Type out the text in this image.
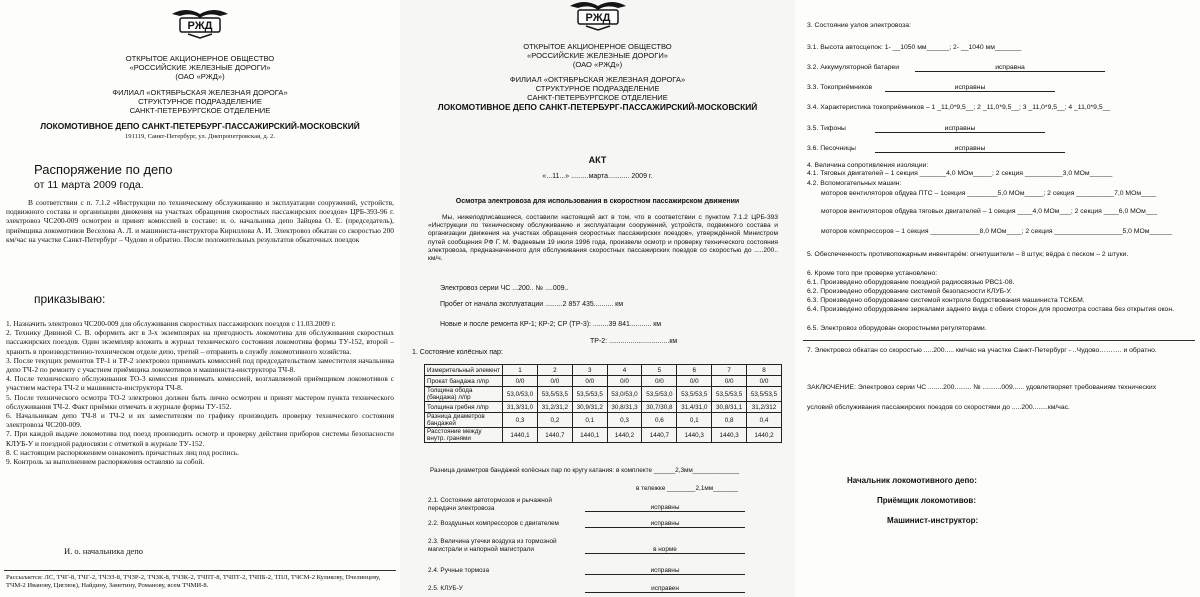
РЖД
ОТКРЫТОЕ АКЦИОНЕРНОЕ ОБЩЕСТВО
«РОССИЙСКИЕ ЖЕЛЕЗНЫЕ ДОРОГИ»
(ОАО «РЖД»)
ФИЛИАЛ «ОКТЯБРЬСКАЯ ЖЕЛЕЗНАЯ ДОРОГА»
СТРУКТУРНОЕ ПОДРАЗДЕЛЕНИЕ
САНКТ-ПЕТЕРБУРГСКОЕ ОТДЕЛЕНИЕ
ЛОКОМОТИВНОЕ ДЕПО САНКТ-ПЕТЕРБУРГ-ПАССАЖИРСКИЙ-МОСКОВСКИЙ
191119, Санкт-Петербург, ул. Днепропетровская, д. 2.
Распоряжение по депо
от 11 марта 2009 года.
В соответствии с п. 7.1.2 «Инструкции по техническому обслуживанию и эксплуатации сооружений, устройств, подвижного состава и организации движения на участках обращения скоростных пассажирских поездов» ЦРБ-393-96 г. электровоз ЧС200-009 осмотрен и принят комиссией в составе: и. о. начальника депо Зайцева О. Е. (председатель), приёмщика локомотивов Веселова А. Л. и машиниста-инструктора Кириллова А. И. Электровоз обкатан со скоростью 200 км/час на участке Санкт-Петербург – Чудово и обратно. После положительных результатов обкаточных поездок
приказываю:
1. Назначить электровоз ЧС200-009 для обслуживания скоростных пассажирских поездов с 11.03.2009 г.
2. Технику Дивиной С. В. оформить акт в 3-х экземплярах на пригодность локомотива для обслуживания скоростных пассажирских поездов. Один экземпляр вложить в журнал технического состояния локомотива формы ТУ-152, второй – хранить в производственно-техническом отделе депо, третий – отправить в службу локомотивного хозяйства.
3. После текущих ремонтов ТР-1 и ТР-2 электровоз принимать комиссией под председательством заместителя начальника депо ТЧ-2 по ремонту с участием приёмщика локомотивов и машиниста-инструктора ТЧ-8.
4. После технического обслуживания ТО-3 комиссия принимать комиссией, возглавляемой приёмщиком локомотивов с участием мастера ТЧ-2 и машиниста-инструктора ТЧ-8.
5. После технического осмотра ТО-2 электровоз должен быть лично осмотрен и принят мастером пункта технического обслуживания ТЧ-2. Факт приёмки отмечать в журнале формы ТУ-152.
6. Начальникам депо ТЧ-8 и ТЧ-2 и их заместителям по графику производить проверку технического состояния электровоза ЧС200-009.
7. При каждой выдаче локомотива под поезд производить осмотр и проверку действия приборов системы безопасности КЛУБ-У и поездной радиосвязи с отметкой в журнале ТУ-152.
8. С настоящим распоряжением ознакомить причастных лиц под роспись.
9. Контроль за выполнением распоряжения оставляю за собой.
И. о. начальника депо
Рассылается: ЛС, ТЧГ-8, ТЧГ-2, ТЧЭЗ-8, ТЧЗР-2, ТЧЗК-8, ТЧЗК-2, ТЧПТ-8, ТЧПТ-2, ТЧПБ-2, ТПЛ, ТЧСМ-2 Куликову, Пчелинцеву, ТЧМ-2 Иванову, Циглюк), Найдину, Заметину, Романову, всем ТЧМИ-8.
РЖД
ОТКРЫТОЕ АКЦИОНЕРНОЕ ОБЩЕСТВО
«РОССИЙСКИЕ ЖЕЛЕЗНЫЕ ДОРОГИ»
(ОАО «РЖД»)
ФИЛИАЛ «ОКТЯБРЬСКАЯ ЖЕЛЕЗНАЯ ДОРОГА»
СТРУКТУРНОЕ ПОДРАЗДЕЛЕНИЕ
САНКТ-ПЕТЕРБУРГСКОЕ ОТДЕЛЕНИЕ
ЛОКОМОТИВНОЕ ДЕПО САНКТ-ПЕТЕРБУРГ-ПАССАЖИРСКИЙ-МОСКОВСКИЙ
АКТ
«...11...» .........марта........... 2009 г.
Осмотра электровоза для использования в скоростном пассажирском движении
Мы, нижеподписавшиеся, составили настоящий акт в том, что в соответствии с пунктом 7.1.2 ЦРБ-393 «Инструкции по техническому обслуживанию и эксплуатации сооружений, устройств, подвижного состава и организации движения на участках обращения скоростных пассажирских поездов», утверждённой Министром путей сообщения РФ Г. М. Фадеевым 19 июля 1996 года, произвели осмотр и проверку технического состояния электровоза, предназначенного для обслуживания скоростных пассажирских поездов со скоростью до .....200.. км/ч.
Электровоз серии ЧС ...200.. № ....009..
Пробег от начала эксплуатации .........2 857 435.......... км
Новые и после ремонта КР-1; КР-2; СР (ТР-3): ........39 841........... км
ТР-2: ...............................км
1. Состояние колёсных пар:
Измерительный элемент	1	2	3	4	5	6	7	8
Прокат бандажа л/пр	0/0	0/0	0/0	0/0	0/0	0/0	0/0	0/0
Толщина обода (бандажа) л/пр	53,0/53,0	53,5/53,5	53,5/53,5	53,0/53,0	53,5/53,0	53,5/53,5	53,5/53,5	53,5/53,5
Толщина гребня л/пр	31,3/31,0	31,2/31,2	30,9/31,2	30,8/31,3	30,7/30,8	31,4/31,0	30,8/31,1	31,2/312
Разница диаметров бандажей	0,3	0,2	0,1	0,3	0,6	0,1	0,8	0,4
Расстояние между внутр. гранями	1440,1	1440,7	1440,1	1440,2	1440,7	1440,3	1440,3	1440,2
Разница диаметров бандажей колёсных пар по кругу катания: в комплекте ______2,3мм_____________
в тележке ________2,1мм_______
2.1. Состояние автотормозов и рычажной передачи электровоза	исправны
2.2. Воздушных компрессоров с двигателем	исправны
2.3. Величина утечки воздуха из тормозной магистрали и напорной магистрали	в норме
2.4. Ручные тормоза	исправны
2.5. КЛУБ-У	исправен
3. Состояние узлов электровоза:
3.1. Высота автосцепок: 1- __1050 мм______; 2- __1040 мм_______
3.2. Аккумуляторной батареи	исправна
3.3. Токоприёмников	исправны
3.4. Характеристика токоприёмников – 1 _11,0*9,5__; 2 _11,0*9,5__; 3 _11,0*9,5__; 4 _11,0*9,5__
3.5. Тифоны	исправны
3.6. Песочницы	исправны
4. Величина сопротивления изоляции:
4.1. Тяговых двигателей – 1 секция _______4,0 МОм_____; 2 секция __________3,0 МОм______
4.2. Вспомогательных машин:
моторов вентиляторов обдува ПТС – 1секция ________5,0 МОм_____; 2 секция __________7,0 МОм____
моторов вентиляторов обдува тяговых двигателей – 1 секция ____4,0 МОм___; 2 секция ____6,0 МОм___
моторов компрессоров – 1 секция _____________8,0 МОм____; 2 секция __________________5,0 МОм______
5. Обеспеченность противопожарным инвентарём: огнетушители – 8 штук; вёдра с песком – 2 штуки.
6. Кроме того при проверке установлено:
6.1. Произведено оборудование поездной радиосвязью РВС1-08.
6.2. Произведено оборудование системой безопасности КЛУБ-У.
6.3. Произведено оборудование системой контроля бодрствования машиниста ТСКБМ.
6.4. Произведено оборудование зеркалами заднего вида с обеих сторон для просмотра состава без открытия окон.
6.5. Электровоз оборудован скоростными регуляторами.
7. Электровоз обкатан со скоростью .....200..... км/час на участке Санкт-Петербург - ..Чудово………. и обратно.
ЗАКЛЮЧЕНИЕ: Электровоз серии ЧС ........200......... № ..........009...... удовлетворяет требованиям технических условий обслуживания пассажирских поездов со скоростями до .....200........км/час.
Начальник локомотивного депо:
Приёмщик локомотивов:
Машинист-инструктор:
